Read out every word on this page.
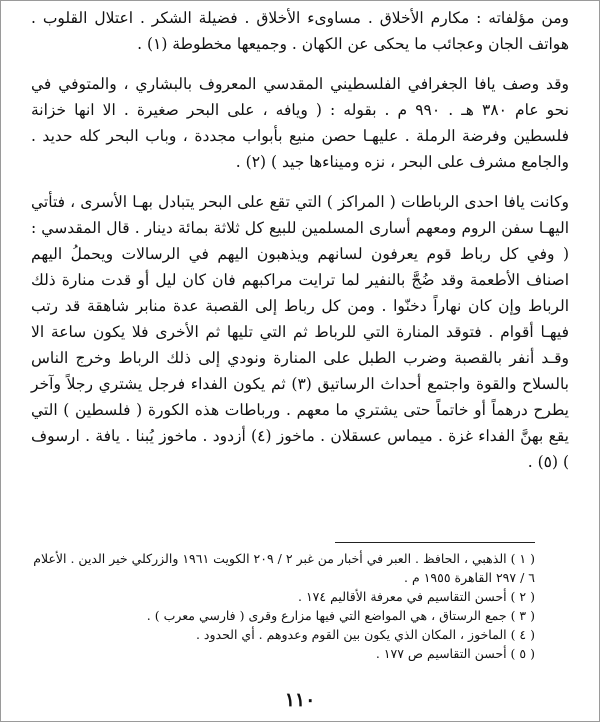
ومن مؤلفاته : مكارم الأخلاق . مساوىء الأخلاق . فضيلة الشكر . اعتلال القلوب . هواتف الجان وعجائب ما يحكى عن الكهان . وجميعها مخطوطة (١) .

وقد وصف يافا الجغرافي الفلسطيني المقدسي المعروف بالبشاري ، والمتوفي في نحو عام ٣٨٠ هـ . ٩٩٠ م . بقوله : ( ويافه ، على البحر صغيرة . الا انها خزانة فلسطين وفرضة الرملة . عليهـا حصن منيع بأبواب مجددة ، وباب البحر كله حديد . والجامع مشرف على البحر ، نزه وميناءها جيد ) (٢) .

وكانت يافا احدى الرباطات ( المراكز ) التي تقع على البحر يتبادل بهـا الأسرى ، فتأتي اليهـا سفن الروم ومعهم أسارى المسلمين للبيع كل ثلاثة بمائة دينار . قال المقدسي : ( وفي كل رباط قوم يعرفون لسانهم ويذهبون اليهم في الرسالات ويحملُ اليهم اصناف الأطعمة وقد ضُجَّ بالنفير لما ترايت مراكبهم فان كان ليل أو قدت منارة ذلك الرباط وإن كان نهاراً دخنّوا . ومن كل رباط إلى القصبة عدة منابر شاهقة قد رتب فيهـا أقوام . فتوقد المنارة التي للرباط ثم التي تليها ثم الأخرى فلا يكون ساعة الا وقـد أنفر بالقصبة وضرب الطبل على المنارة ونودي إلى ذلك الرباط وخرج الناس بالسلاح والقوة واجتمع أحداث الرساتيق (٣) ثم يكون الفداء فرجل يشتري رجلاً وآخر يطرح درهماً أو خاتماً حتى يشتري ما معهم . ورباطات هذه الكورة ( فلسطين ) التي يقع بهنَّ الفداء غزة . ميماس عسقلان . ماخوز (٤) أزدود . ماخوز يُبنا . يافة . ارسوف ) (٥) .

( ١ ) الذهبي ، الحافظ . العبر في أخبار من غبر ٢ / ٢٠٩ الكويت ١٩٦١ والزركلي خير الدين . الأعلام ٦ / ٢٩٧ القاهرة ١٩٥٥ م .

( ٢ ) أحسن التقاسيم في معرفة الأقاليم ١٧٤ .

( ٣ ) جمع الرستاق ، هي المواضع التي فيها مزارع وقرى ( فارسي معرب ) .

( ٤ ) الماخوز ، المكان الذي يكون بين القوم وعدوهم . أي الحدود .

( ٥ ) أحسن التقاسيم ص ١٧٧ .

١١٠
